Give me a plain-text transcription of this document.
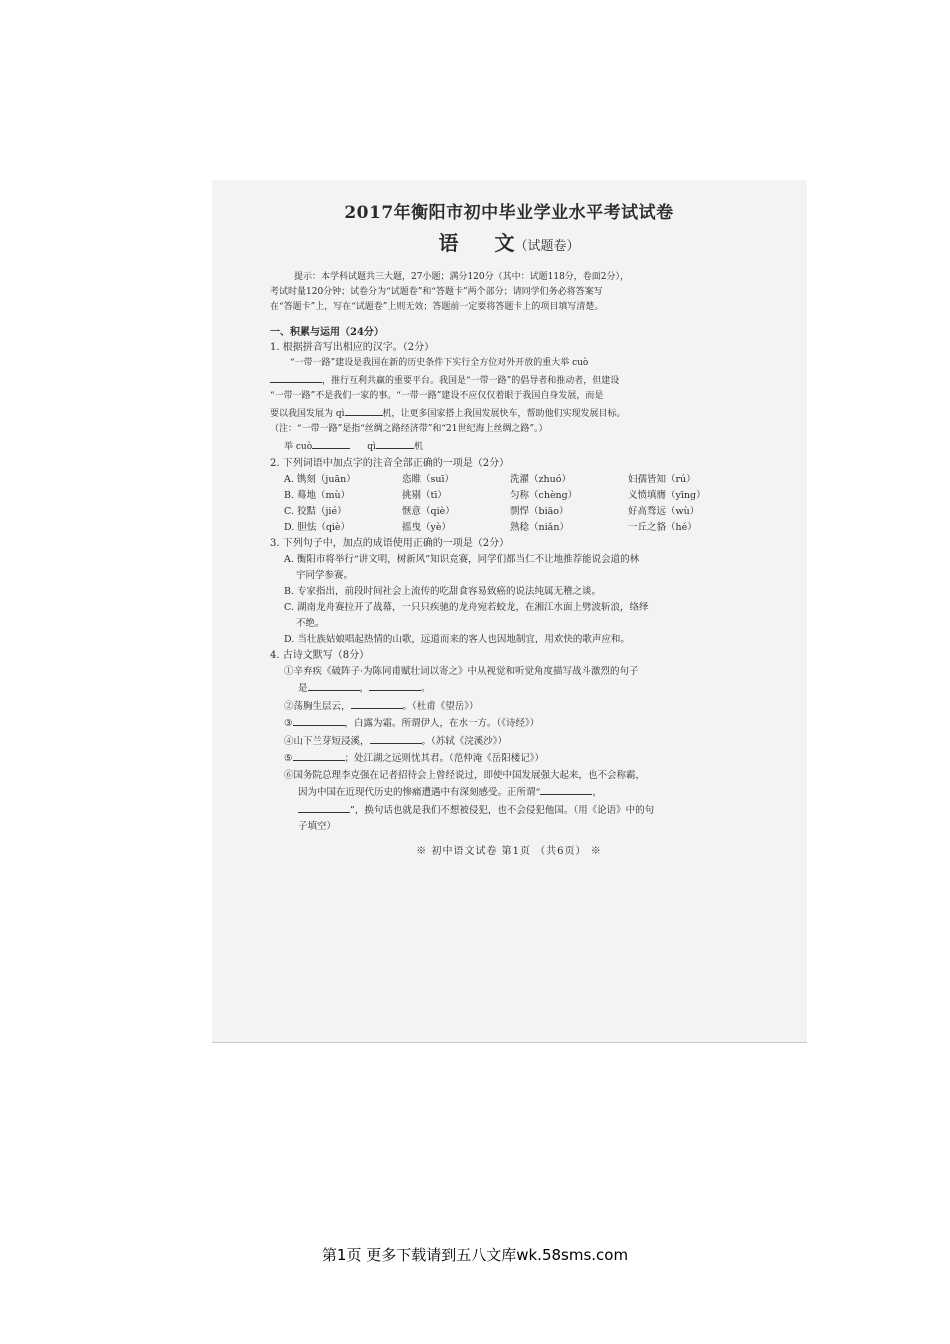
2017年衡阳市初中毕业学业水平考试试卷

语 文（试题卷）

提示：本学科试题共三大题，27小题；满分120分（其中：试题118分，卷面2分），
考试时量120分钟；试卷分为“试题卷”和“答题卡”两个部分；请同学们务必将答案写
在“答题卡”上，写在“试题卷”上则无效；答题前一定要将答题卡上的项目填写清楚。

一、积累与运用（24分）

1. 根据拼音写出相应的汉字。（2分）

“一带一路”建设是我国在新的历史条件下实行全方位对外开放的重大举 cuò

，推行互利共赢的重要平台。我国是“一带一路”的倡导者和推动者，但建设

“一带一路”不是我们一家的事。“一带一路”建设不应仅仅着眼于我国自身发展，而是

要以我国发展为 qì	机，让更多国家搭上我国发展快车，帮助他们实现发展目标。

（注：“一带一路”是指“丝绸之路经济带”和“21世纪海上丝绸之路”。）

举 cuò	qì	机

2. 下列词语中加点字的注音全部正确的一项是（2分）

A. 镌刻（juān）	恣睢（suī）	洗濯（zhuó）	妇孺皆知（rú）
B. 蓦地（mù）	挑剔（tī）	匀称（chèng）	义愤填膺（yīng）
C. 狡黠（jié）	惬意（qiè）	剽悍（biāo）	好高骛远（wù）
D. 胆怯（qiè）	摇曳（yè）	熟稔（niǎn）	一丘之貉（hé）

3. 下列句子中，加点的成语使用正确的一项是（2分）

A. 衡阳市将举行“讲文明，树新风”知识竞赛，同学们都当仁不让地推荐能说会道的林
宇同学参赛。
B. 专家指出，前段时间社会上流传的吃甜食容易致癌的说法纯属无稽之谈。
C. 湖南龙舟赛拉开了战幕，一只只疾驰的龙舟宛若蛟龙，在湘江水面上劈波斩浪，络绎
不绝。
D. 当壮族姑娘唱起热情的山歌，远道而来的客人也因地制宜，用欢快的歌声应和。

4. 古诗文默写（8分）

①辛弃疾《破阵子·为陈同甫赋壮词以寄之》中从视觉和听觉角度描写战斗激烈的句子
是	，	。
②荡胸生层云，	。（杜甫《望岳》）
③	，白露为霜。所谓伊人，在水一方。（《诗经》）
④山下兰芽短浸溪，	。（苏轼《浣溪沙》）
⑤	；处江湖之远则忧其君。（范仲淹《岳阳楼记》）
⑥国务院总理李克强在记者招待会上曾经说过，即使中国发展强大起来，也不会称霸，
因为中国在近现代历史的惨痛遭遇中有深刻感受。正所谓“	，
”，换句话也就是我们不想被侵犯，也不会侵犯他国。（用《论语》中的句
子填空）

※ 初中语文试卷 第1页 （共6页） ※

第1页 更多下载请到五八文库wk.58sms.com
